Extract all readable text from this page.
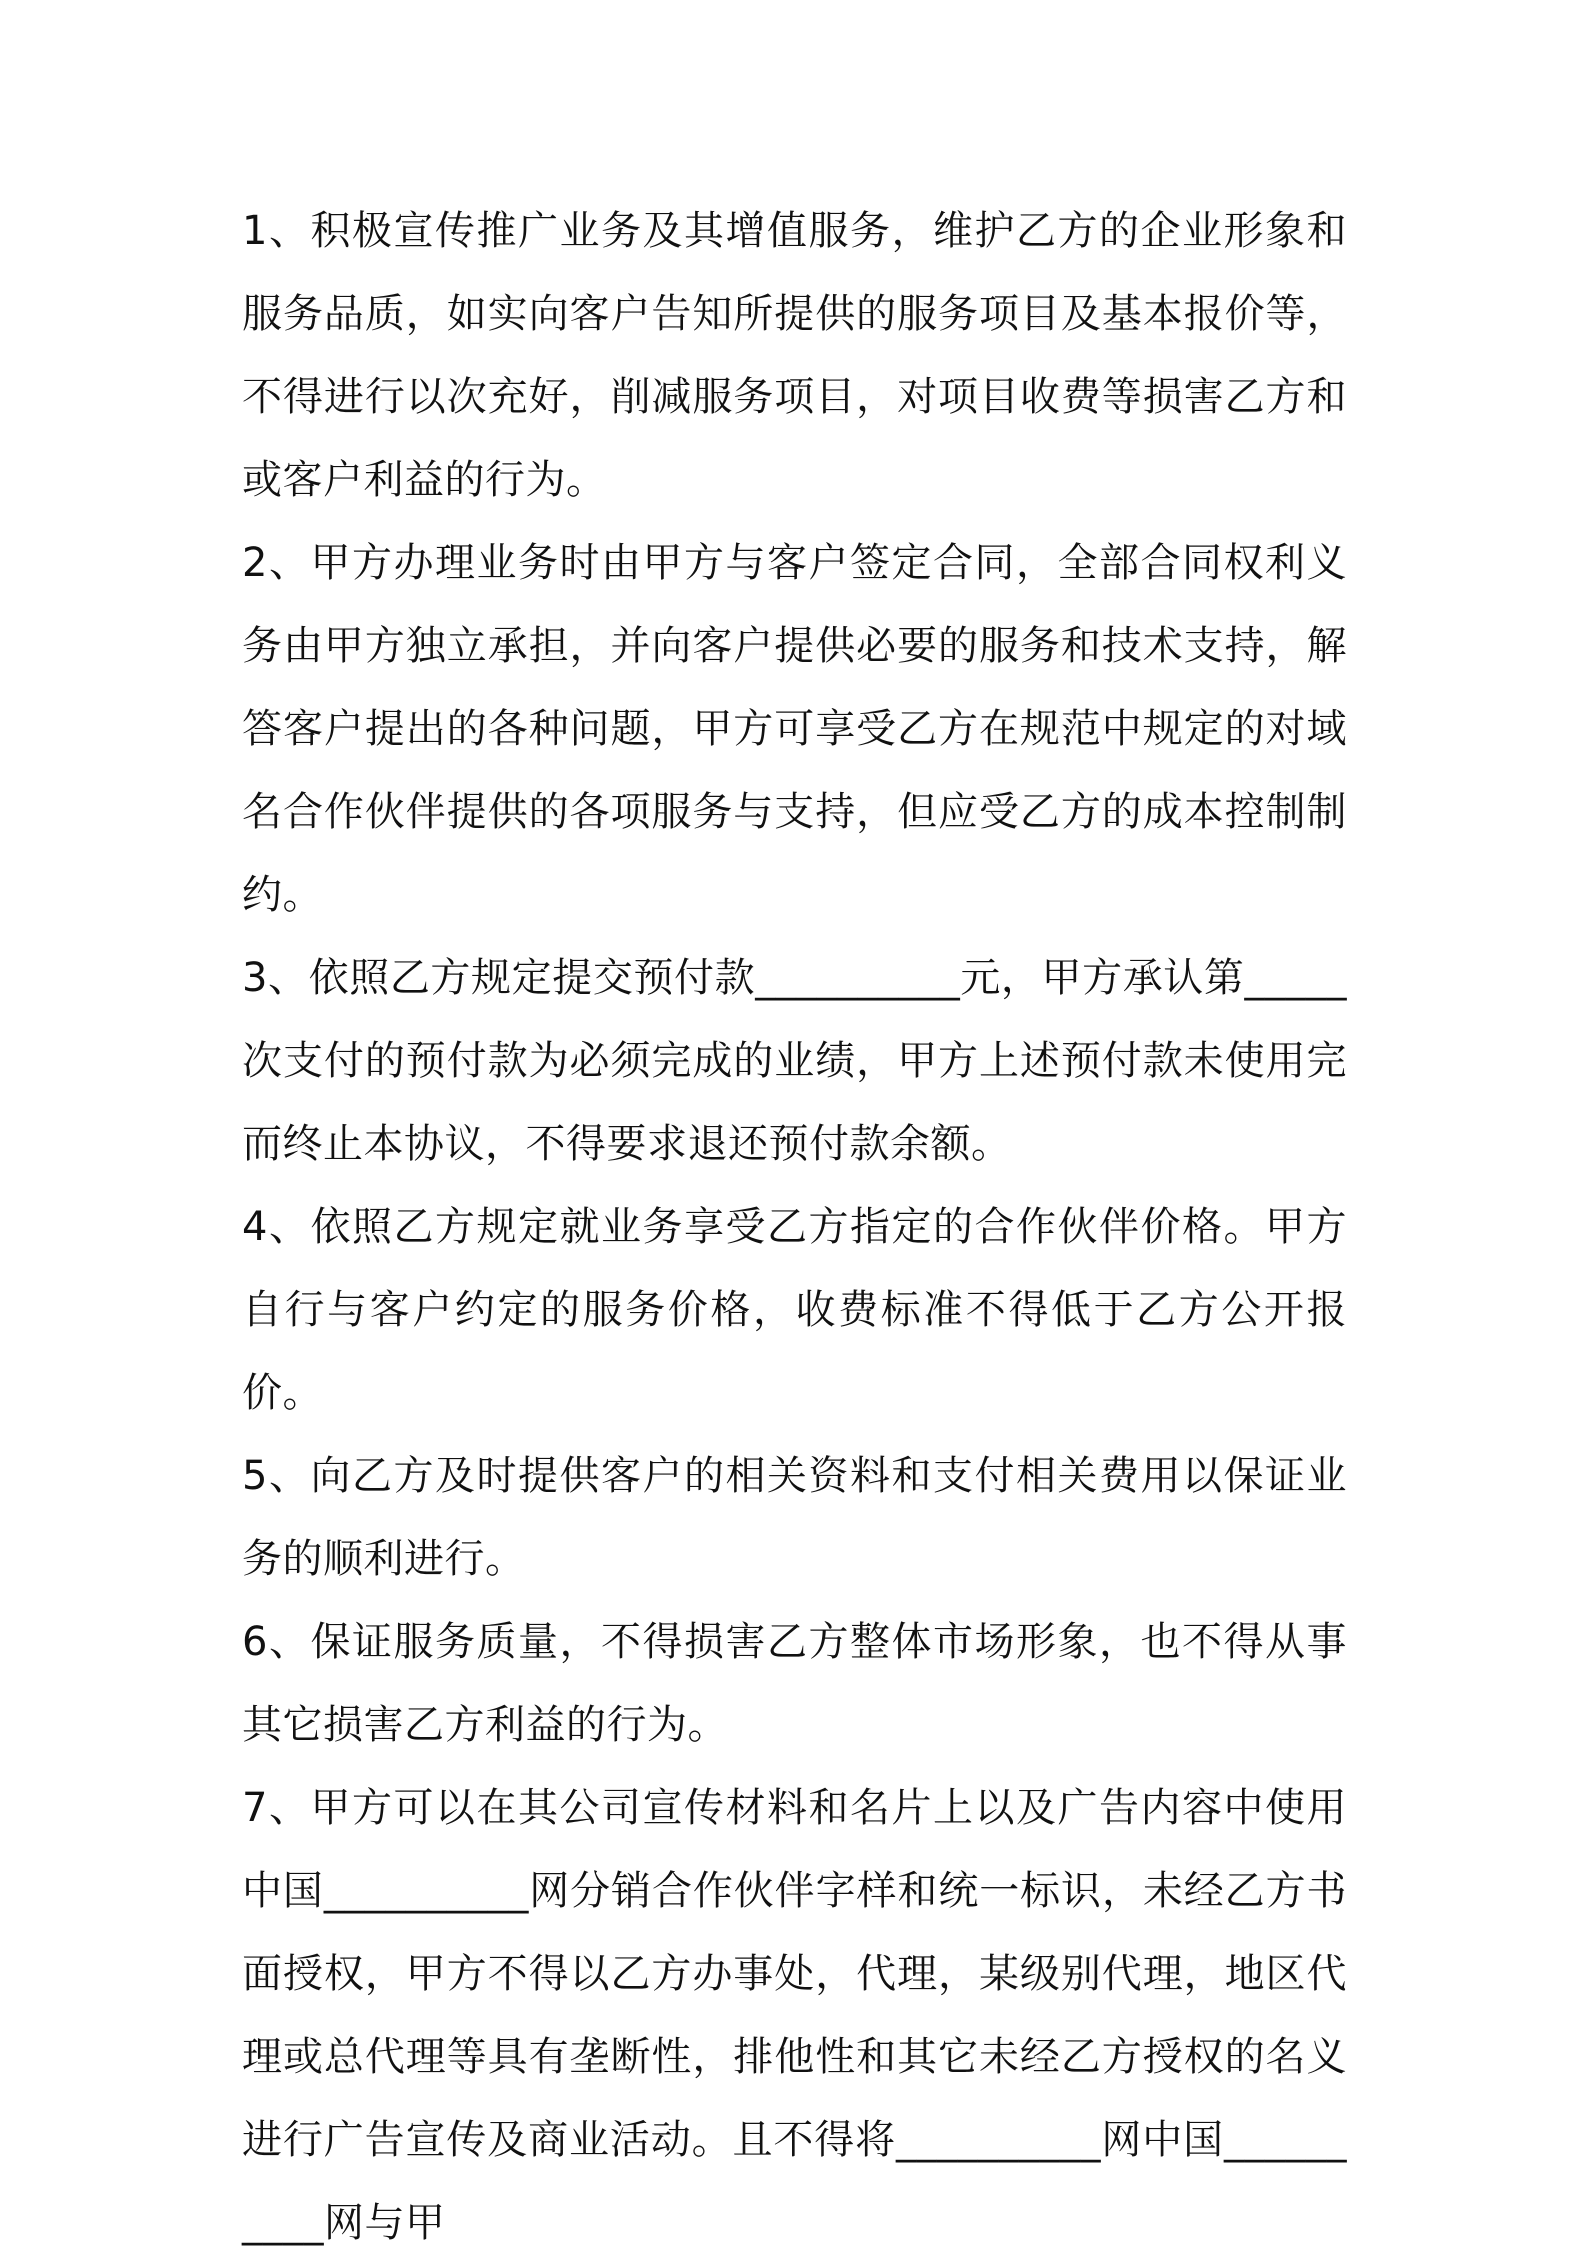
1、积极宣传推广业务及其增值服务，维护乙方的企业形象和服务品质，如实向客户告知所提供的服务项目及基本报价等，不得进行以次充好，削减服务项目，对项目收费等损害乙方和或客户利益的行为。

2、甲方办理业务时由甲方与客户签定合同，全部合同权利义务由甲方独立承担，并向客户提供必要的服务和技术支持，解答客户提出的各种问题，甲方可享受乙方在规范中规定的对域名合作伙伴提供的各项服务与支持，但应受乙方的成本控制制约。

3、依照乙方规定提交预付款__________元，甲方承认第_____次支付的预付款为必须完成的业绩，甲方上述预付款未使用完而终止本协议，不得要求退还预付款余额。

4、依照乙方规定就业务享受乙方指定的合作伙伴价格。甲方自行与客户约定的服务价格，收费标准不得低于乙方公开报价。

5、向乙方及时提供客户的相关资料和支付相关费用以保证业务的顺利进行。

6、保证服务质量，不得损害乙方整体市场形象，也不得从事其它损害乙方利益的行为。

7、甲方可以在其公司宣传材料和名片上以及广告内容中使用中国__________网分销合作伙伴字样和统一标识，未经乙方书面授权，甲方不得以乙方办事处，代理，某级别代理，地区代理或总代理等具有垄断性，排他性和其它未经乙方授权的名义进行广告宣传及商业活动。且不得将__________网中国__________网与甲
